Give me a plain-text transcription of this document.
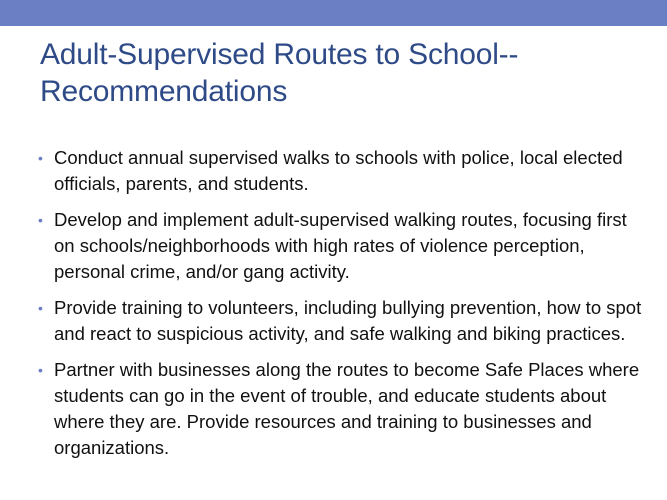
Adult-Supervised Routes to School--Recommendations
• Conduct annual supervised walks to schools with police, local elected officials, parents, and students.
• Develop and implement adult-supervised walking routes, focusing first on schools/neighborhoods with high rates of violence perception, personal crime, and/or gang activity.
• Provide training to volunteers, including bullying prevention, how to spot and react to suspicious activity, and safe walking and biking practices.
• Partner with businesses along the routes to become Safe Places where students can go in the event of trouble, and educate students about where they are. Provide resources and training to businesses and organizations.
